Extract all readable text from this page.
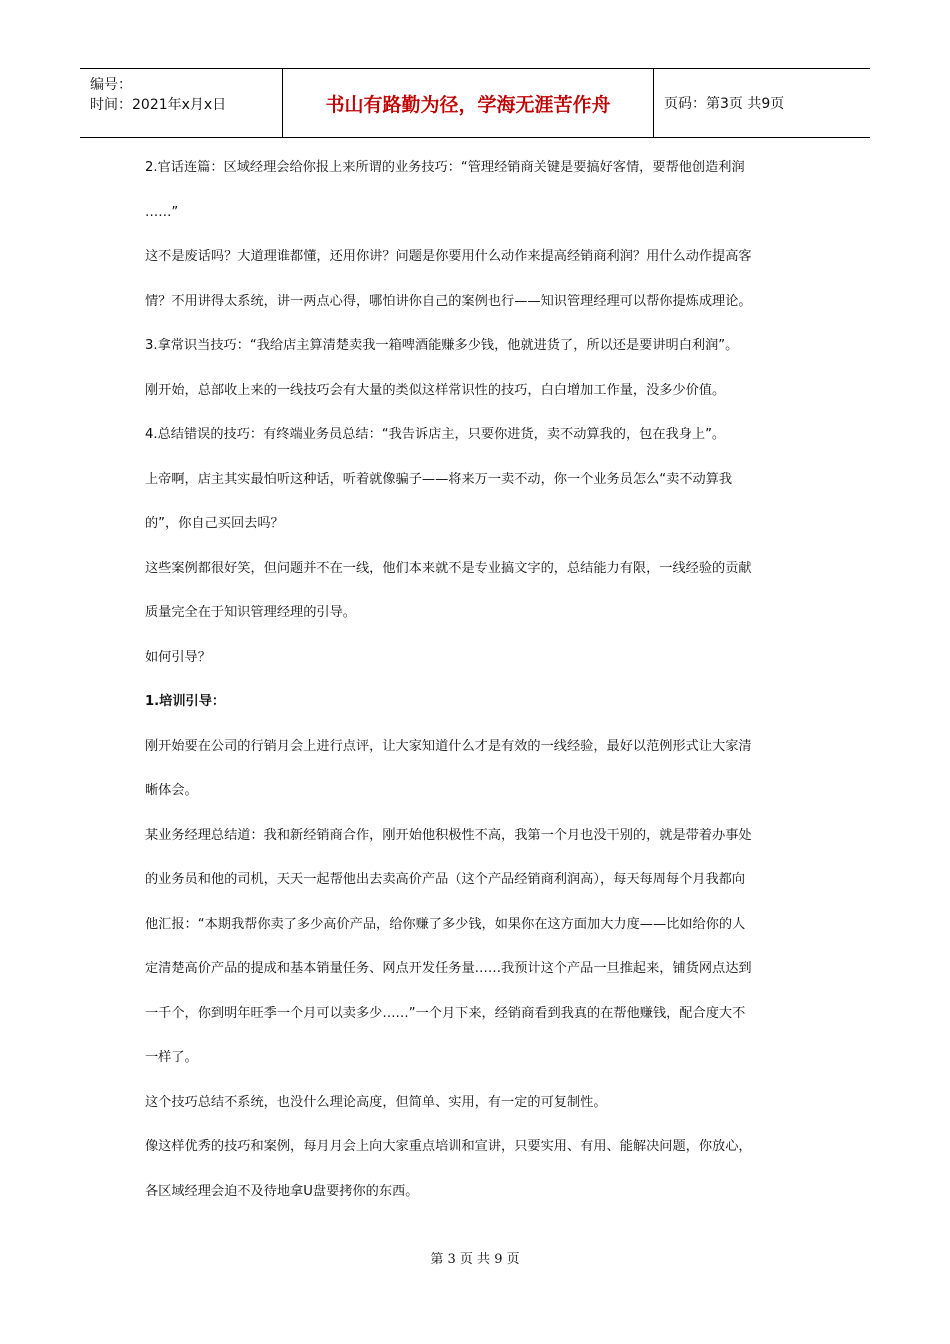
编号：
时间：2021年x月x日	书山有路勤为径，学海无涯苦作舟	页码：第3页 共9页

2.官话连篇：区域经理会给你报上来所谓的业务技巧：“管理经销商关键是要搞好客情，要帮他创造利润

……”

这不是废话吗？大道理谁都懂，还用你讲？问题是你要用什么动作来提高经销商利润？用什么动作提高客

情？不用讲得太系统，讲一两点心得，哪怕讲你自己的案例也行——知识管理经理可以帮你提炼成理论。

3.拿常识当技巧：“我给店主算清楚卖我一箱啤酒能赚多少钱，他就进货了，所以还是要讲明白利润”。

刚开始，总部收上来的一线技巧会有大量的类似这样常识性的技巧，白白增加工作量，没多少价值。

4.总结错误的技巧：有终端业务员总结：“我告诉店主，只要你进货，卖不动算我的，包在我身上”。

上帝啊，店主其实最怕听这种话，听着就像骗子——将来万一卖不动，你一个业务员怎么“卖不动算我

的”，你自己买回去吗？

这些案例都很好笑，但问题并不在一线，他们本来就不是专业搞文字的，总结能力有限，一线经验的贡献

质量完全在于知识管理经理的引导。

如何引导？

1.培训引导：

刚开始要在公司的行销月会上进行点评，让大家知道什么才是有效的一线经验，最好以范例形式让大家清

晰体会。

某业务经理总结道：我和新经销商合作，刚开始他积极性不高，我第一个月也没干别的，就是带着办事处

的业务员和他的司机，天天一起帮他出去卖高价产品（这个产品经销商利润高），每天每周每个月我都向

他汇报：“本期我帮你卖了多少高价产品，给你赚了多少钱，如果你在这方面加大力度——比如给你的人

定清楚高价产品的提成和基本销量任务、网点开发任务量……我预计这个产品一旦推起来，铺货网点达到

一千个，你到明年旺季一个月可以卖多少……”一个月下来，经销商看到我真的在帮他赚钱，配合度大不

一样了。

这个技巧总结不系统，也没什么理论高度，但简单、实用，有一定的可复制性。

像这样优秀的技巧和案例，每月月会上向大家重点培训和宣讲，只要实用、有用、能解决问题，你放心，

各区域经理会迫不及待地拿U盘要拷你的东西。

第 3 页 共 9 页
